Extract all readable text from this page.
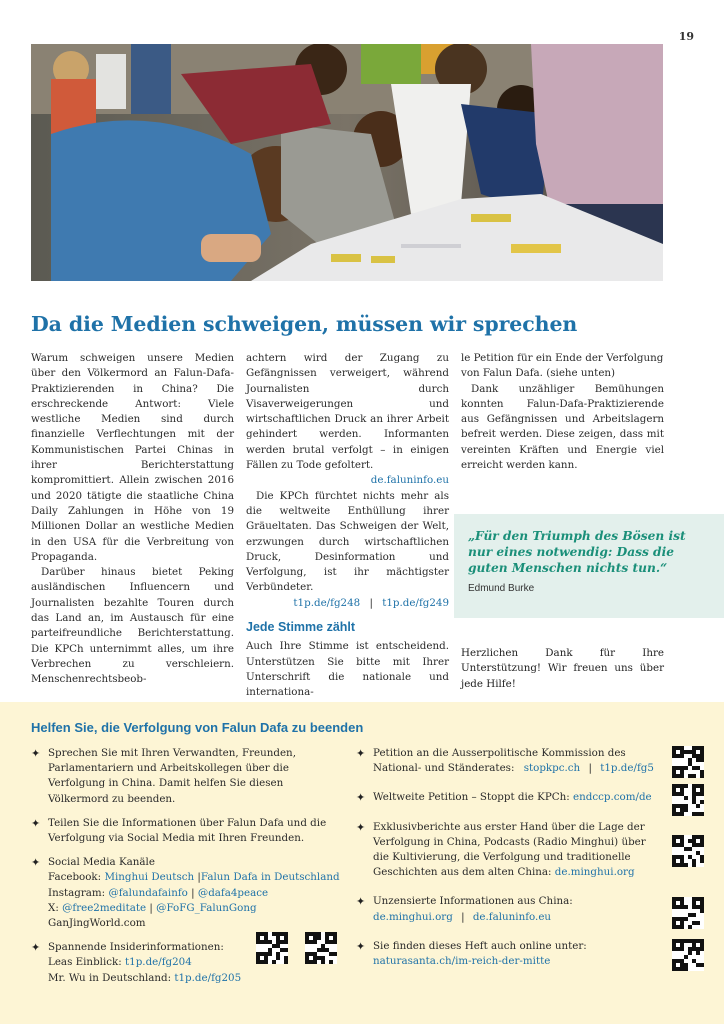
19
Da die Medien schweigen, müssen wir sprechen

Warum schweigen unsere Medien über den Völkermord an Falun-Dafa-Praktizierenden in China? Die erschreckende Antwort: Viele westliche Medien sind durch finanzielle Verflechtungen mit der Kommunistischen Partei Chinas in ihrer Berichterstattung kompromittiert. Allein zwischen 2016 und 2020 tätigte die staatliche China Daily Zahlungen in Höhe von 19 Millionen Dollar an westliche Medien in den USA für die Verbreitung von Propaganda.

Darüber hinaus bietet Peking ausländischen Influencern und Journalisten bezahlte Touren durch das Land an, im Austausch für eine parteifreundliche Berichterstattung. Die KPCh unternimmt alles, um ihre Verbrechen zu verschleiern. Menschenrechtsbeob-

achtern wird der Zugang zu Gefängnissen verweigert, während Journalisten durch Visaverweigerungen und wirtschaftlichen Druck an ihrer Arbeit gehindert werden. Informanten werden brutal verfolgt – in einigen Fällen zu Tode gefoltert.
de.faluninfo.eu

Die KPCh fürchtet nichts mehr als die weltweite Enthüllung ihrer Gräueltaten. Das Schweigen der Welt, erzwungen durch wirtschaftlichen Druck, Desinformation und Verfolgung, ist ihr mächtigster Verbündeter.

t1p.de/fg248 | t1p.de/fg249
Jede Stimme zählt

Auch Ihre Stimme ist entscheidend. Unterstützen Sie bitte mit Ihrer Unterschrift die nationale und internationa-

le Petition für ein Ende der Verfolgung von Falun Dafa. (siehe unten)

Dank unzähliger Bemühungen konnten Falun-Dafa-Praktizierende aus Gefängnissen und Arbeitslagern befreit werden. Diese zeigen, dass mit vereinten Kräften und Energie viel erreicht werden kann.

„Für den Triumph des Bösen ist nur eines notwendig: Dass die guten Menschen nichts tun.“
Edmund Burke
Herzlichen Dank für Ihre Unterstützung! Wir freuen uns über jede Hilfe!
Helfen Sie, die Verfolgung von Falun Dafa zu beenden
✦ Sprechen Sie mit Ihren Verwandten, Freunden, Parlamentariern und Arbeitskollegen über die Verfolgung in China. Damit helfen Sie diesen Völkermord zu beenden.
✦ Teilen Sie die Informationen über Falun Dafa und die Verfolgung via Social Media mit Ihren Freunden.
✦ Social Media Kanäle
Facebook: Minghui Deutsch |Falun Dafa in Deutschland
Instagram: @falundafainfo | @dafa4peace
X: @free2meditate | @FoFG_FalunGong
GanJingWorld.com
✦ Spannende Insiderinformationen:
Leas Einblick: t1p.de/fg204
Mr. Wu in Deutschland: t1p.de/fg205
✦ Petition an die Ausserpolitische Kommission des National- und Ständerates: stopkpc.ch | t1p.de/fg5
✦ Weltweite Petition – Stoppt die KPCh: endccp.com/de
✦ Exklusivberichte aus erster Hand über die Lage der Verfolgung in China, Podcasts (Radio Minghui) über die Kultivierung, die Verfolgung und traditionelle Geschichten aus dem alten China: de.minghui.org
✦ Unzensierte Informationen aus China:
de.minghui.org | de.faluninfo.eu
✦ Sie finden dieses Heft auch online unter:
naturasanta.ch/im-reich-der-mitte
